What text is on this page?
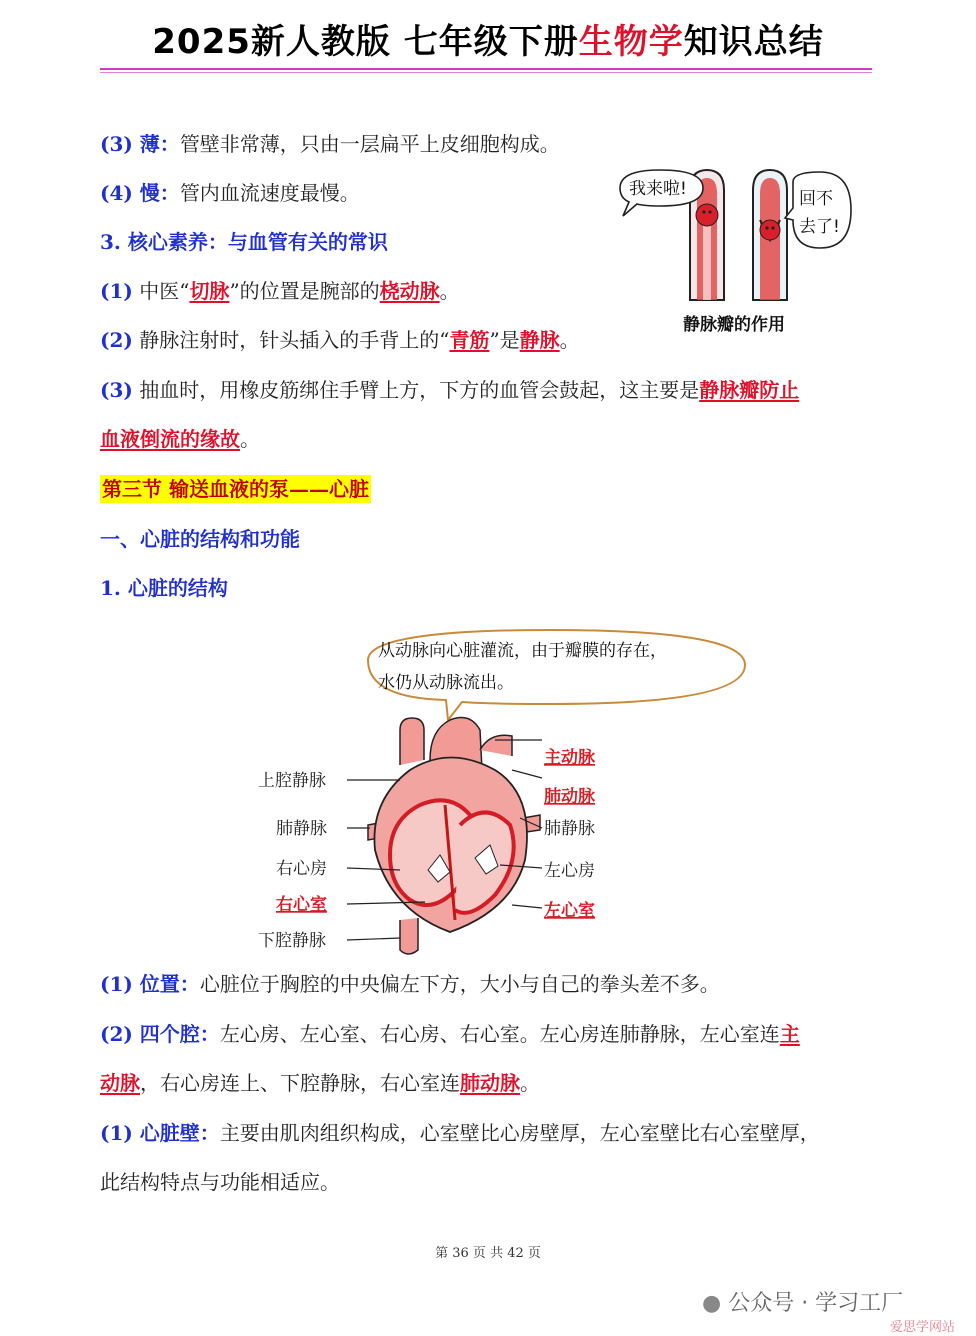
2025新人教版 七年级下册生物学知识总结
(3) 薄：管壁非常薄，只由一层扁平上皮细胞构成。
(4) 慢：管内血流速度最慢。
3. 核心素养：与血管有关的常识
(1) 中医“切脉”的位置是腕部的桡动脉。
(2) 静脉注射时，针头插入的手背上的“青筋”是静脉。
(3) 抽血时，用橡皮筋绑住手臂上方，下方的血管会鼓起，这主要是静脉瓣防止
血液倒流的缘故。
第三节 输送血液的泵——心脏
一、心脏的结构和功能
1. 心脏的结构
我来啦!	回不
去了!
静脉瓣的作用
从动脉向心脏灌流，由于瓣膜的存在，
水仍从动脉流出。
上腔静脉
肺静脉
右心房
右心室
下腔静脉
主动脉
肺动脉
肺静脉
左心房
左心室
(1) 位置：心脏位于胸腔的中央偏左下方，大小与自己的拳头差不多。
(2) 四个腔：左心房、左心室、右心房、右心室。左心房连肺静脉，左心室连主
动脉，右心房连上、下腔静脉，右心室连肺动脉。
(1) 心脏壁：主要由肌肉组织构成，心室壁比心房壁厚，左心室壁比右心室壁厚，
此结构特点与功能相适应。
第 36 页 共 42 页
● 公众号 · 学习工厂
爱思学网站
